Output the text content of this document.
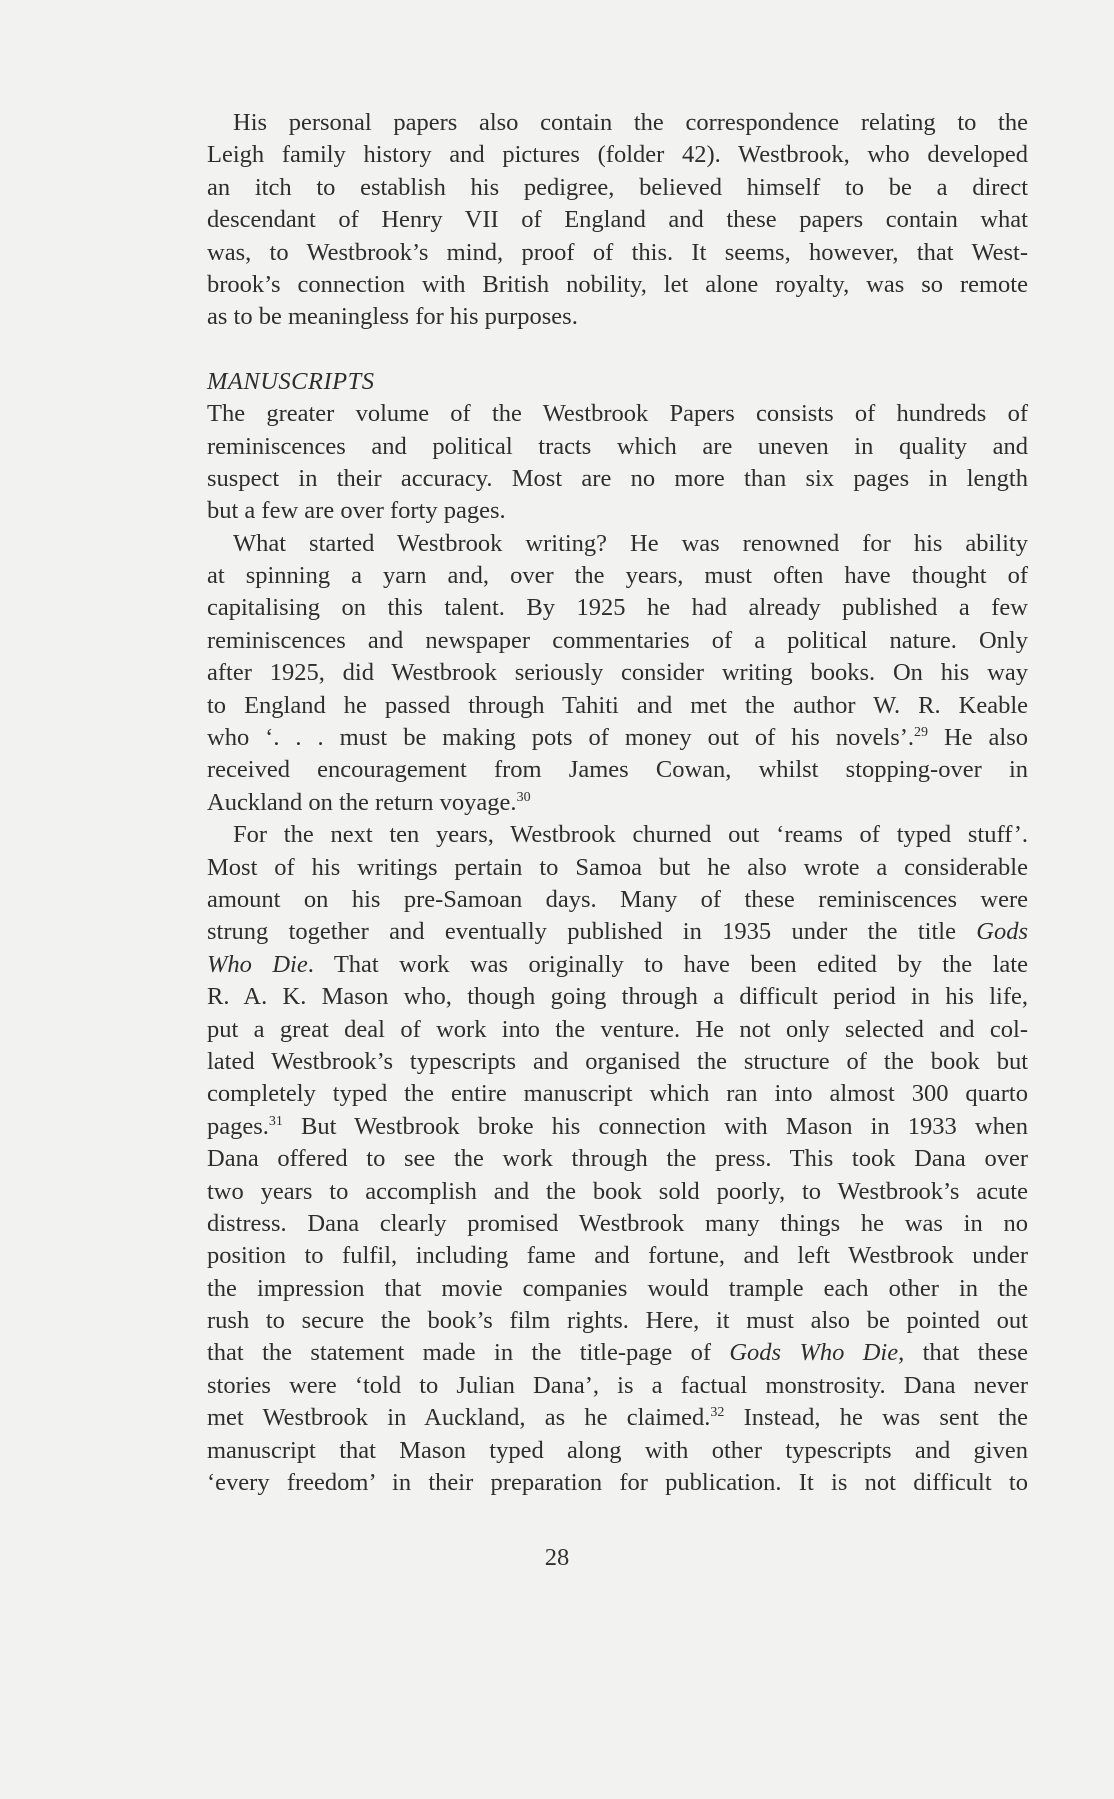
His personal papers also contain the correspondence relating to the
Leigh family history and pictures (folder 42). Westbrook, who developed
an itch to establish his pedigree, believed himself to be a direct
descendant of Henry VII of England and these papers contain what
was, to Westbrook’s mind, proof of this. It seems, however, that West-
brook’s connection with British nobility, let alone royalty, was so remote
as to be meaningless for his purposes.
MANUSCRIPTS
The greater volume of the Westbrook Papers consists of hundreds of
reminiscences and political tracts which are uneven in quality and
suspect in their accuracy. Most are no more than six pages in length
but a few are over forty pages.
What started Westbrook writing? He was renowned for his ability
at spinning a yarn and, over the years, must often have thought of
capitalising on this talent. By 1925 he had already published a few
reminiscences and newspaper commentaries of a political nature. Only
after 1925, did Westbrook seriously consider writing books. On his way
to England he passed through Tahiti and met the author W. R. Keable
who ‘. . . must be making pots of money out of his novels’.$^{29}$ He also
received encouragement from James Cowan, whilst stopping-over in
Auckland on the return voyage.$^{30}$
For the next ten years, Westbrook churned out ‘reams of typed stuff’.
Most of his writings pertain to Samoa but he also wrote a considerable
amount on his pre-Samoan days. Many of these reminiscences were
strung together and eventually published in 1935 under the title Gods
Who Die. That work was originally to have been edited by the late
R. A. K. Mason who, though going through a difficult period in his life,
put a great deal of work into the venture. He not only selected and col-
lated Westbrook’s typescripts and organised the structure of the book but
completely typed the entire manuscript which ran into almost 300 quarto
pages.$^{31}$ But Westbrook broke his connection with Mason in 1933 when
Dana offered to see the work through the press. This took Dana over
two years to accomplish and the book sold poorly, to Westbrook’s acute
distress. Dana clearly promised Westbrook many things he was in no
position to fulfil, including fame and fortune, and left Westbrook under
the impression that movie companies would trample each other in the
rush to secure the book’s film rights. Here, it must also be pointed out
that the statement made in the title-page of Gods Who Die, that these
stories were ‘told to Julian Dana’, is a factual monstrosity. Dana never
met Westbrook in Auckland, as he claimed.$^{32}$ Instead, he was sent the
manuscript that Mason typed along with other typescripts and given
‘every freedom’ in their preparation for publication. It is not difficult to
28
